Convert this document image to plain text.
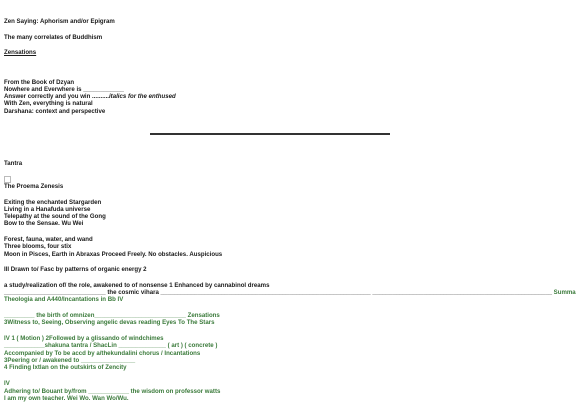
Zen Saying: Aphorism and/or Epigram
The many correlates of Buddhism
Zensations
From the Book of Dzyan
Nowhere and Everwhere is ____________
Answer correctly and you win ..........italics for the enthused
With Zen, everything is natural
Darshana: context and perspective
Tantra
The Proema Zenesis
Exiting the enchanted Stargarden
Living in a Hanafuda universe
Telepathy at the sound of the Gong
Bow to the Sensae. Wu Wei
Forest, fauna, water, and wand
Three blooms, four stix
Moon in Pisces, Earth in Abraxas Proceed Freely. No obstacles. Auspicious
III Drawn to/ Fasc by patterns of organic energy 2
a study/realization of/ the role, awakened to of nonsense 1 Enhanced by cannabinol dreams
______________________________ the cosmic vihara ______________________________________________________________ _____________________________________________________ Summa
Theologia and A440/Incantations in Bb IV
_________ the birth of omnizen___________________________ Zensations
3Witness to, Seeing, Observing angelic devas reading Eyes To The Stars
IV 1 ( Motion ) 2Followed by a glissando of windchimes
____________shakuna tantra / ShacLin ______________ ( art ) ( concrete )
Accompanied by To be accd by a/thekundalini chorus / Incantations
3Peering or / awakened to ________________
4 Finding Ixtlan on the outskirts of Zencity
IV
Adhering to/ Bouant by/from ____________ the wisdom on professor watts
I am my own teacher. Wei Wo. Wan Wo/Wu.
